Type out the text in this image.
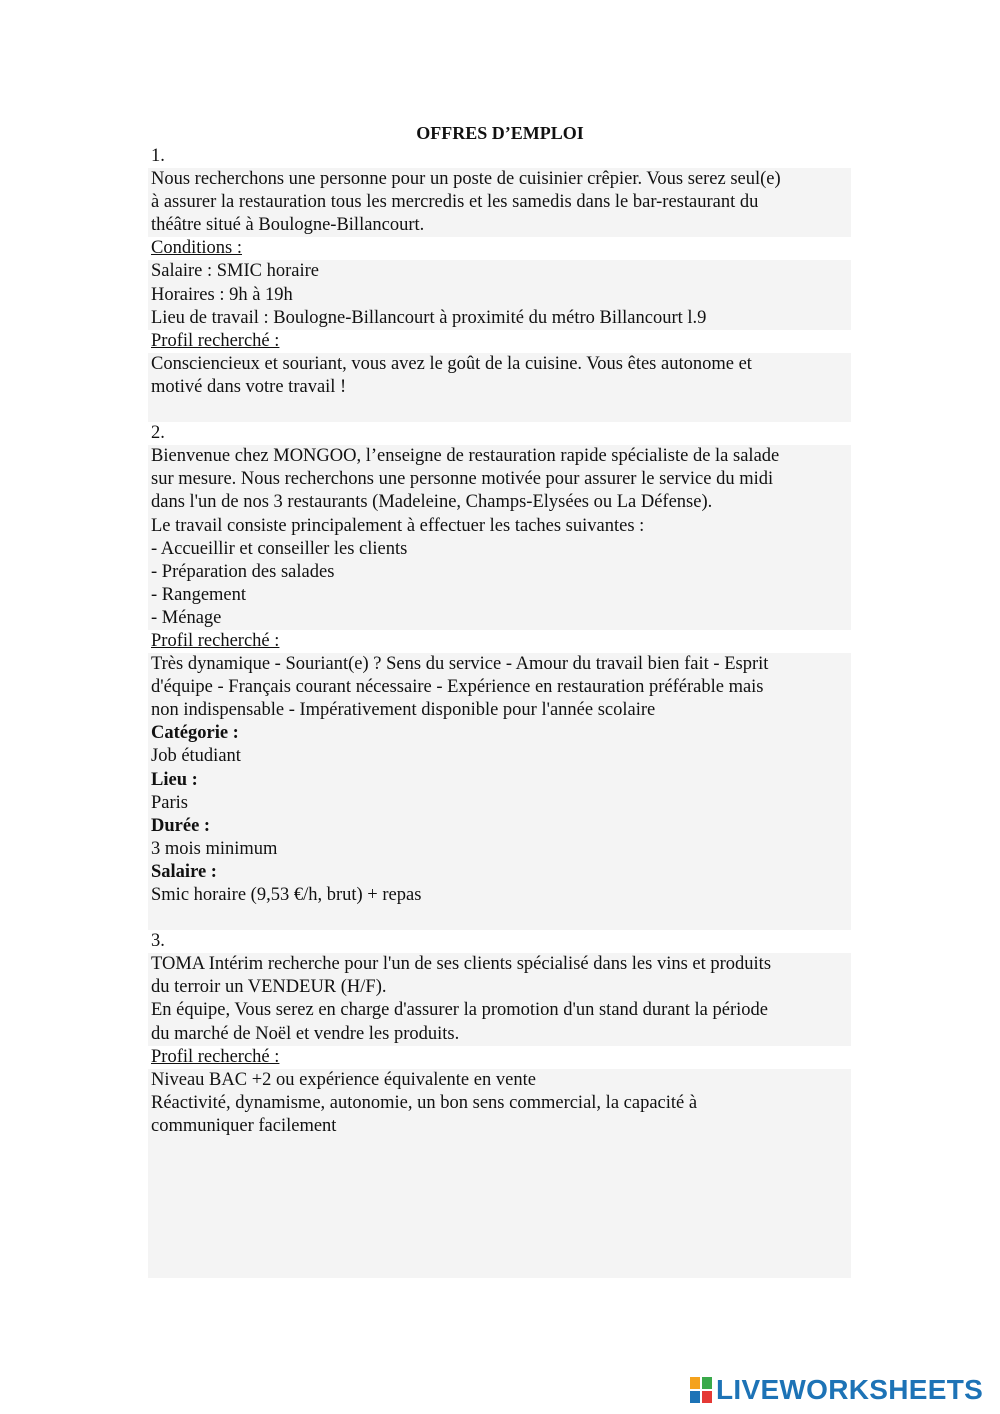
OFFRES D’EMPLOI
1.
Nous recherchons une personne pour un poste de cuisinier crêpier. Vous serez seul(e)
à assurer la restauration tous les mercredis et les samedis dans le bar-restaurant du
théâtre situé à Boulogne-Billancourt.
Conditions :
Salaire : SMIC horaire
Horaires : 9h à 19h
Lieu de travail : Boulogne-Billancourt à proximité du métro Billancourt l.9
Profil recherché :
Consciencieux et souriant, vous avez le goût de la cuisine. Vous êtes autonome et
motivé dans votre travail !
2.
Bienvenue chez MONGOO, l’enseigne de restauration rapide spécialiste de la salade
sur mesure. Nous recherchons une personne motivée pour assurer le service du midi
dans l'un de nos 3 restaurants (Madeleine, Champs-Elysées ou La Défense).
Le travail consiste principalement à effectuer les taches suivantes :
- Accueillir et conseiller les clients
- Préparation des salades
- Rangement
- Ménage
Profil recherché :
Très dynamique - Souriant(e) ? Sens du service - Amour du travail bien fait - Esprit
d'équipe - Français courant nécessaire - Expérience en restauration préférable mais
non indispensable - Impérativement disponible pour l'année scolaire
Catégorie :
Job étudiant
Lieu :
Paris
Durée :
3 mois minimum
Salaire :
Smic horaire (9,53 €/h, brut) + repas
3.
TOMA Intérim recherche pour l'un de ses clients spécialisé dans les vins et produits
du terroir un VENDEUR (H/F).
En équipe, Vous serez en charge d'assurer la promotion d'un stand durant la période
du marché de Noël et vendre les produits.
Profil recherché :
Niveau BAC +2 ou expérience équivalente en vente
Réactivité, dynamisme, autonomie, un bon sens commercial, la capacité à
communiquer facilement
LIVEWORKSHEETS
